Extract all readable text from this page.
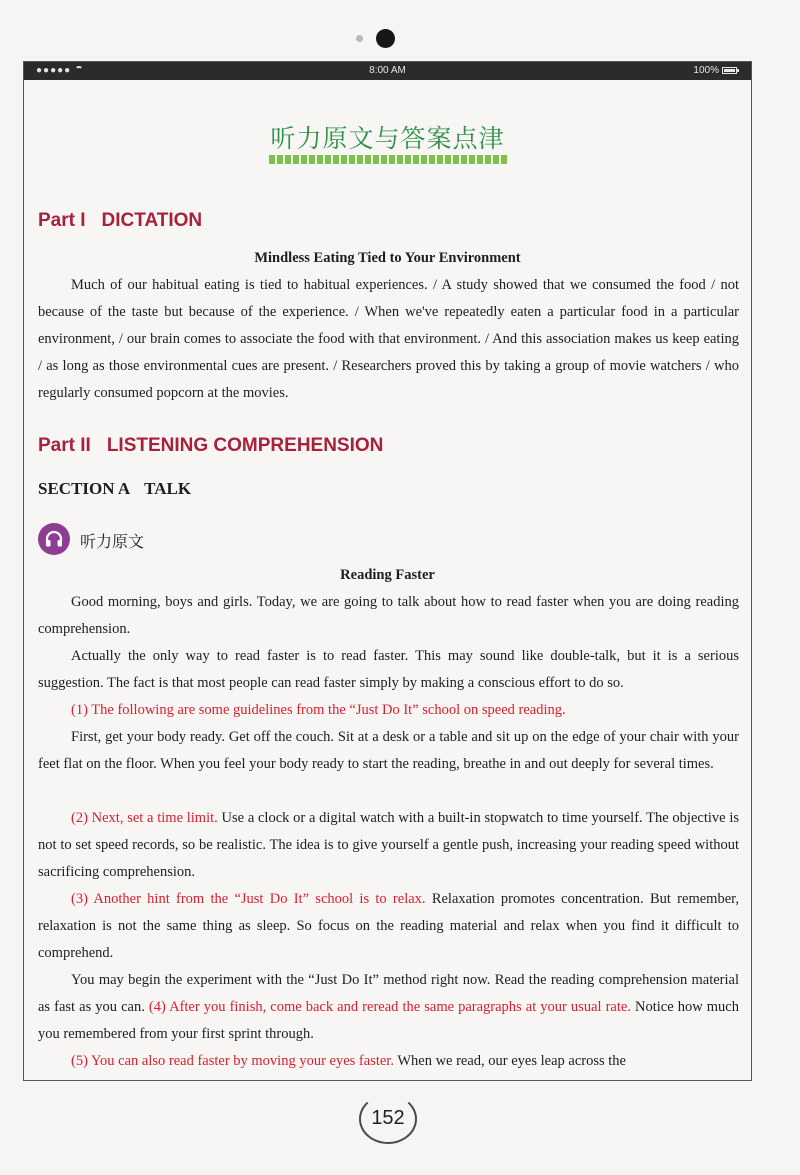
●●●●●	8:00 AM	100%
听力原文与答案点津
Part I DICTATION
Mindless Eating Tied to Your Environment

Much of our habitual eating is tied to habitual experiences. / A study showed that we consumed the food / not because of the taste but because of the experience. / When we've repeatedly eaten a particular food in a particular environment, / our brain comes to associate the food with that environment. / And this association makes us keep eating / as long as those environmental cues are present. / Researchers proved this by taking a group of movie watchers / who regularly consumed popcorn at the movies.

Part II LISTENING COMPREHENSION
SECTION A TALK
听力原文
Reading Faster

Good morning, boys and girls. Today, we are going to talk about how to read faster when you are doing reading comprehension.

Actually the only way to read faster is to read faster. This may sound like double-talk, but it is a serious suggestion. The fact is that most people can read faster simply by making a conscious effort to do so.

(1) The following are some guidelines from the “Just Do It” school on speed reading.

First, get your body ready. Get off the couch. Sit at a desk or a table and sit up on the edge of your chair with your feet flat on the floor. When you feel your body ready to start the reading, breathe in and out deeply for several times.

(2) Next, set a time limit. Use a clock or a digital watch with a built-in stopwatch to time yourself. The objective is not to set speed records, so be realistic. The idea is to give yourself a gentle push, increasing your reading speed without sacrificing comprehension.

(3) Another hint from the “Just Do It” school is to relax. Relaxation promotes concentration. But remember, relaxation is not the same thing as sleep. So focus on the reading material and relax when you find it difficult to comprehend.

You may begin the experiment with the “Just Do It” method right now. Read the reading comprehension material as fast as you can. (4) After you finish, come back and reread the same paragraphs at your usual rate. Notice how much you remembered from your first sprint through.

(5) You can also read faster by moving your eyes faster. When we read, our eyes leap across the

152
